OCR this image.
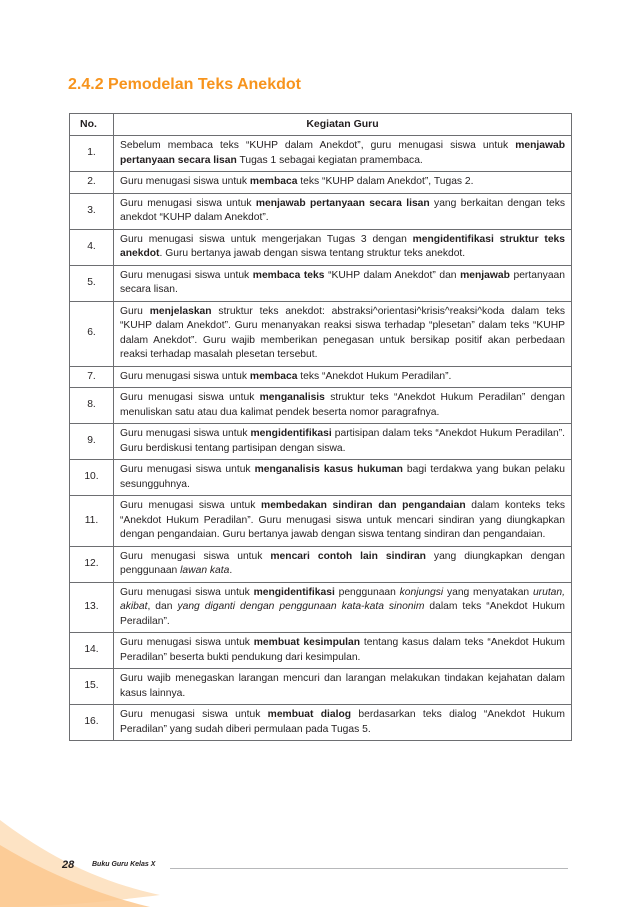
2.4.2 Pemodelan Teks Anekdot
No.	Kegiatan Guru
1.	Sebelum membaca teks “KUHP dalam Anekdot”, guru menugasi siswa untuk menjawab pertanyaan secara lisan Tugas 1 sebagai kegiatan pramembaca.
2.	Guru menugasi siswa untuk membaca teks “KUHP dalam Anekdot”, Tugas 2.
3.	Guru menugasi siswa untuk menjawab pertanyaan secara lisan yang berkaitan dengan teks anekdot “KUHP dalam Anekdot”.
4.	Guru menugasi siswa untuk mengerjakan Tugas 3 dengan mengidentifikasi struktur teks anekdot. Guru bertanya jawab dengan siswa tentang struktur teks anekdot.
5.	Guru menugasi siswa untuk membaca teks “KUHP dalam Anekdot” dan menjawab pertanyaan secara lisan.
6.	Guru menjelaskan struktur teks anekdot: abstraksi^orientasi^krisis^reaksi^koda dalam teks “KUHP dalam Anekdot”. Guru menanyakan reaksi siswa terhadap “plesetan” dalam teks “KUHP dalam Anekdot”. Guru wajib memberikan penegasan untuk bersikap positif akan perbedaan reaksi terhadap masalah plesetan tersebut.
7.	Guru menugasi siswa untuk membaca teks “Anekdot Hukum Peradilan”.
8.	Guru menugasi siswa untuk menganalisis struktur teks “Anekdot Hukum Peradilan” dengan menuliskan satu atau dua kalimat pendek beserta nomor paragrafnya.
9.	Guru menugasi siswa untuk mengidentifikasi partisipan dalam teks “Anekdot Hukum Peradilan”. Guru berdiskusi tentang partisipan dengan siswa.
10.	Guru menugasi siswa untuk menganalisis kasus hukuman bagi terdakwa yang bukan pelaku sesungguhnya.
11.	Guru menugasi siswa untuk membedakan sindiran dan pengandaian dalam konteks teks “Anekdot Hukum Peradilan”. Guru menugasi siswa untuk mencari sindiran yang diungkapkan dengan pengandaian. Guru bertanya jawab dengan siswa tentang sindiran dan pengandaian.
12.	Guru menugasi siswa untuk mencari contoh lain sindiran yang diungkapkan dengan penggunaan lawan kata.
13.	Guru menugasi siswa untuk mengidentifikasi penggunaan konjungsi yang menyatakan urutan, akibat, dan yang diganti dengan penggunaan kata-kata sinonim dalam teks “Anekdot Hukum Peradilan”.
14.	Guru menugasi siswa untuk membuat kesimpulan tentang kasus dalam teks “Anekdot Hukum Peradilan” beserta bukti pendukung dari kesimpulan.
15.	Guru wajib menegaskan larangan mencuri dan larangan melakukan tindakan kejahatan dalam kasus lainnya.
16.	Guru menugasi siswa untuk membuat dialog berdasarkan teks dialog “Anekdot Hukum Peradilan” yang sudah diberi permulaan pada Tugas 5.
28	Buku Guru Kelas X
